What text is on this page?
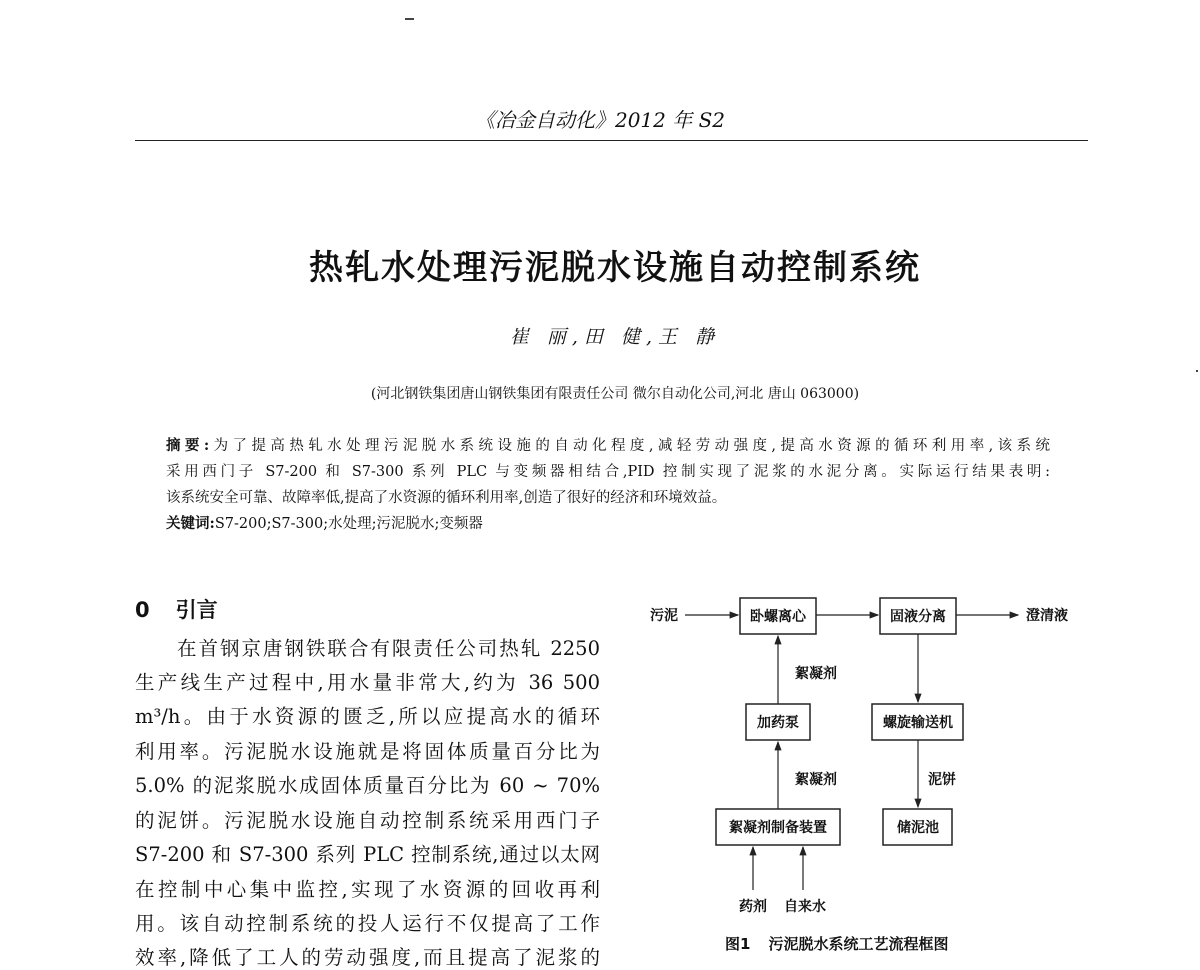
《冶金自动化》2012 年 S2
热轧水处理污泥脱水设施自动控制系统
崔 丽,田 健,王 静
(河北钢铁集团唐山钢铁集团有限责任公司 微尔自动化公司,河北 唐山 063000)
摘要:为了提高热轧水处理污泥脱水系统设施的自动化程度,减轻劳动强度,提高水资源的循环利用率,该系统
采用西门子 S7-200 和 S7-300 系列 PLC 与变频器相结合,PID 控制实现了泥浆的水泥分离。实际运行结果表明:
该系统安全可靠、故障率低,提高了水资源的循环利用率,创造了很好的经济和环境效益。
关键词:S7-200;S7-300;水处理;污泥脱水;变频器
0 引言
在首钢京唐钢铁联合有限责任公司热轧 2250
生产线生产过程中,用水量非常大,约为 36 500
m³/h。由于水资源的匮乏,所以应提高水的循环
利用率。污泥脱水设施就是将固体质量百分比为
5.0% 的泥浆脱水成固体质量百分比为 60 ~ 70%
的泥饼。污泥脱水设施自动控制系统采用西门子
S7-200 和 S7-300 系列 PLC 控制系统,通过以太网
在控制中心集中监控,实现了水资源的回收再利
用。该自动控制系统的投人运行不仅提高了工作
效率,降低了工人的劳动强度,而且提高了泥浆的
卧螺离心	固液分离
加药泵	螺旋输送机
絮凝剂制备装置	储泥池
污泥	澄清液
絮凝剂
絮凝剂	泥饼
药剂 自来水
图1 污泥脱水系统工艺流程框图
